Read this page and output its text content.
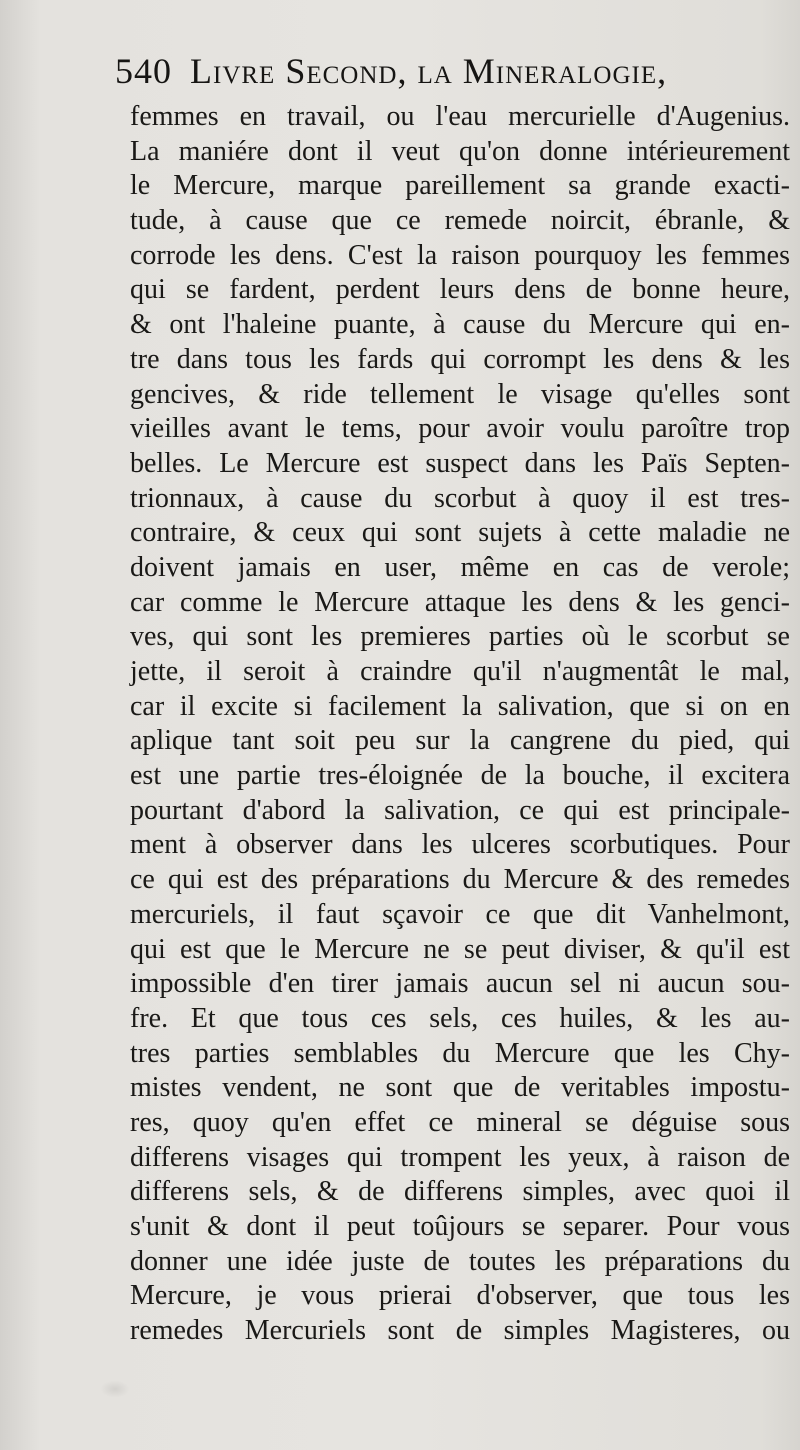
540 Livre Second, la Mineralogie,
femmes en travail, ou l'eau mercurielle d'Augenius.
La maniére dont il veut qu'on donne intérieurement
le Mercure, marque pareillement sa grande exacti-
tude, à cause que ce remede noircit, ébranle, &
corrode les dens. C'est la raison pourquoy les femmes
qui se fardent, perdent leurs dens de bonne heure,
& ont l'haleine puante, à cause du Mercure qui en-
tre dans tous les fards qui corrompt les dens & les
gencives, & ride tellement le visage qu'elles sont
vieilles avant le tems, pour avoir voulu paroître trop
belles. Le Mercure est suspect dans les Païs Septen-
trionnaux, à cause du scorbut à quoy il est tres-
contraire, & ceux qui sont sujets à cette maladie ne
doivent jamais en user, même en cas de verole;
car comme le Mercure attaque les dens & les genci-
ves, qui sont les premieres parties où le scorbut se
jette, il seroit à craindre qu'il n'augmentât le mal,
car il excite si facilement la salivation, que si on en
aplique tant soit peu sur la cangrene du pied, qui
est une partie tres-éloignée de la bouche, il excitera
pourtant d'abord la salivation, ce qui est principale-
ment à observer dans les ulceres scorbutiques. Pour
ce qui est des préparations du Mercure & des remedes
mercuriels, il faut sçavoir ce que dit Vanhelmont,
qui est que le Mercure ne se peut diviser, & qu'il est
impossible d'en tirer jamais aucun sel ni aucun sou-
fre. Et que tous ces sels, ces huiles, & les au-
tres parties semblables du Mercure que les Chy-
mistes vendent, ne sont que de veritables impostu-
res, quoy qu'en effet ce mineral se déguise sous
differens visages qui trompent les yeux, à raison de
differens sels, & de differens simples, avec quoi il
s'unit & dont il peut toûjours se separer. Pour vous
donner une idée juste de toutes les préparations du
Mercure, je vous prierai d'observer, que tous les
remedes Mercuriels sont de simples Magisteres, ou
